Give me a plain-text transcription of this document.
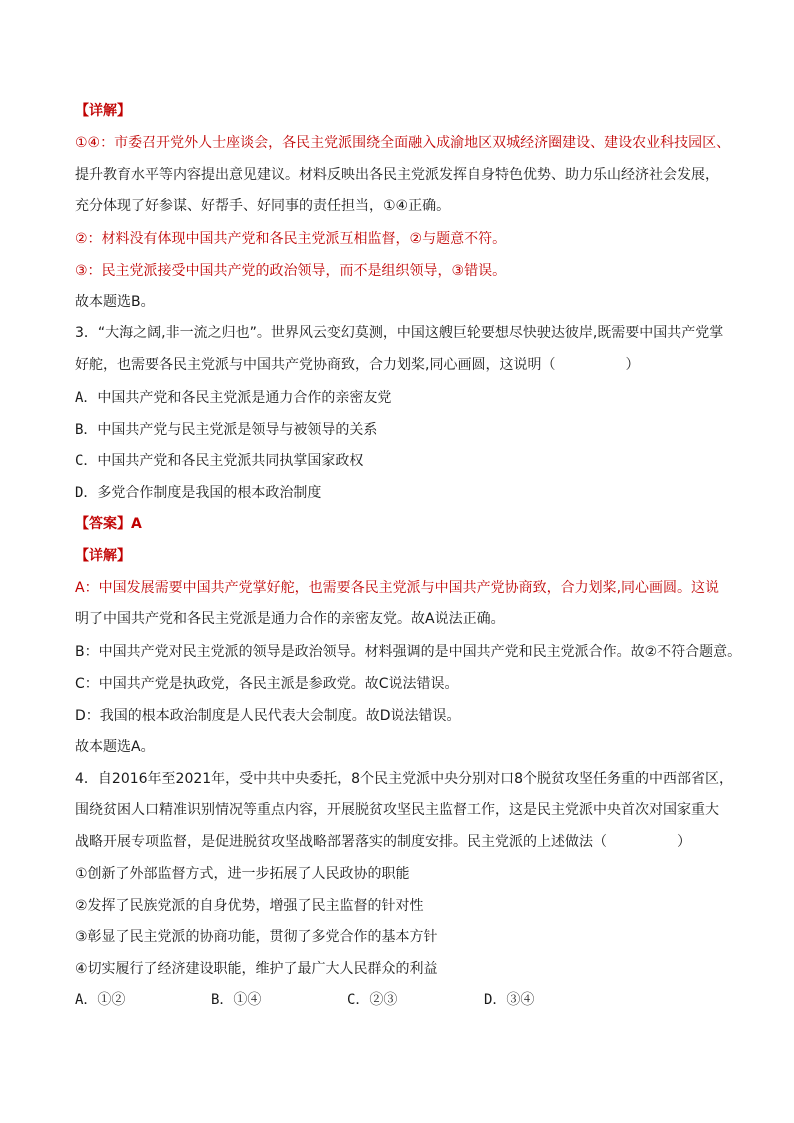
【详解】
①④：市委召开党外人士座谈会，各民主党派围绕全面融入成渝地区双城经济圈建设、建设农业科技园区、
提升教育水平等内容提出意见建议。材料反映出各民主党派发挥自身特色优势、助力乐山经济社会发展，
充分体现了好参谋、好帮手、好同事的责任担当，①④正确。
②：材料没有体现中国共产党和各民主党派互相监督，②与题意不符。
③：民主党派接受中国共产党的政治领导，而不是组织领导，③错误。
故本题选B。
3．“大海之阔,非一流之归也”。世界风云变幻莫测，中国这艘巨轮要想尽快驶达彼岸,既需要中国共产党掌
好舵，也需要各民主党派与中国共产党协商致，合力划桨,同心画圆，这说明（　　　　　）
A．中国共产党和各民主党派是通力合作的亲密友党
B．中国共产党与民主党派是领导与被领导的关系
C．中国共产党和各民主党派共同执掌国家政权
D．多党合作制度是我国的根本政治制度
【答案】A
【详解】
A：中国发展需要中国共产党掌好舵，也需要各民主党派与中国共产党协商致，合力划桨,同心画圆。这说
明了中国共产党和各民主党派是通力合作的亲密友党。故A说法正确。
B：中国共产党对民主党派的领导是政治领导。材料强调的是中国共产党和民主党派合作。故②不符合题意。
C：中国共产党是执政党，各民主派是参政党。故C说法错误。
D：我国的根本政治制度是人民代表大会制度。故D说法错误。
故本题选A。
4．自2016年至2021年，受中共中央委托，8个民主党派中央分别对口8个脱贫攻坚任务重的中西部省区，
围绕贫困人口精准识别情况等重点内容，开展脱贫攻坚民主监督工作，这是民主党派中央首次对国家重大
战略开展专项监督，是促进脱贫攻坚战略部署落实的制度安排。民主党派的上述做法（　　　　　）
①创新了外部监督方式，进一步拓展了人民政协的职能
②发挥了民族党派的自身优势，增强了民主监督的针对性
③彰显了民主党派的协商功能，贯彻了多党合作的基本方针
④切实履行了经济建设职能，维护了最广大人民群众的利益
A．①②	B．①④	C．②③	D．③④
